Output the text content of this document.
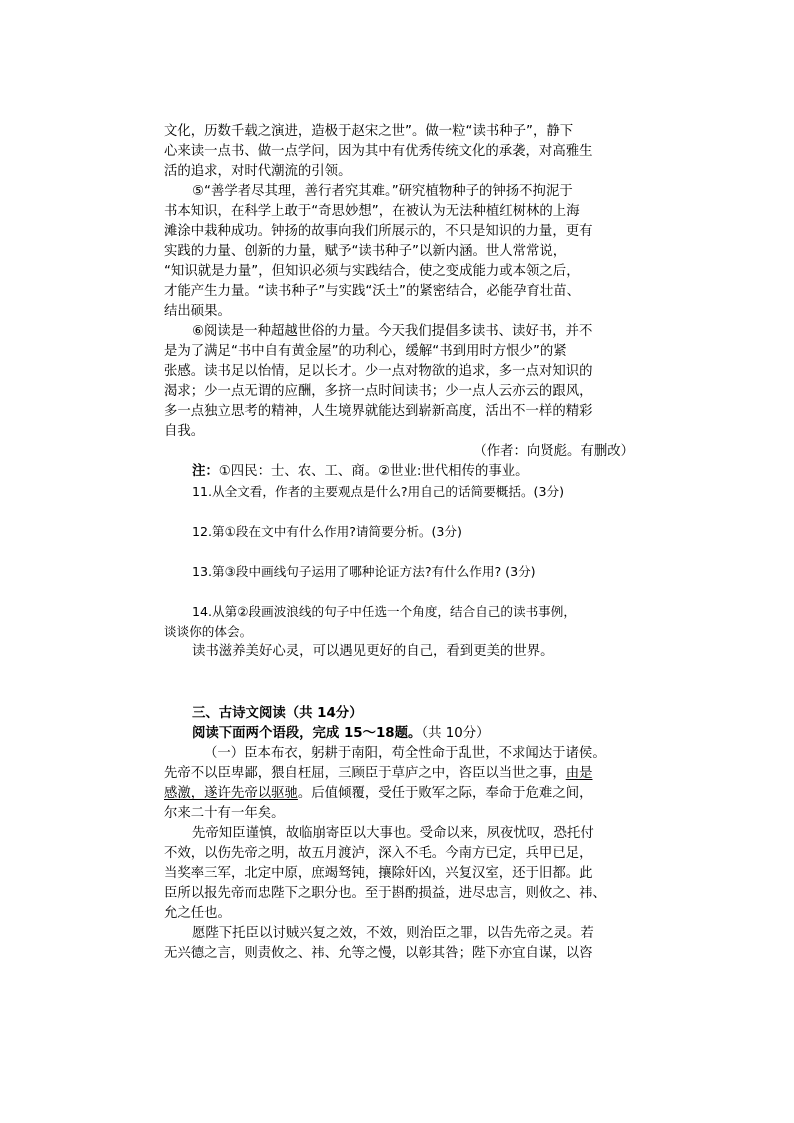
文化，历数千载之演进，造极于赵宋之世”。做一粒“读书种子”，静下
心来读一点书、做一点学问，因为其中有优秀传统文化的承袭，对高雅生
活的追求，对时代潮流的引领。
⑤“善学者尽其理，善行者究其难。”研究植物种子的钟扬不拘泥于
书本知识，在科学上敢于“奇思妙想”，在被认为无法种植红树林的上海
滩涂中栽种成功。钟扬的故事向我们所展示的，不只是知识的力量，更有
实践的力量、创新的力量，赋予“读书种子”以新内涵。世人常常说，
“知识就是力量”，但知识必须与实践结合，使之变成能力或本领之后，
才能产生力量。“读书种子”与实践“沃土”的紧密结合，必能孕育壮苗、
结出硕果。
⑥阅读是一种超越世俗的力量。今天我们提倡多读书、读好书，并不
是为了满足“书中自有黄金屋”的功利心，缓解“书到用时方恨少”的紧
张感。读书足以怡情，足以长才。少一点对物欲的追求，多一点对知识的
渴求；少一点无谓的应酬，多挤一点时间读书；少一点人云亦云的跟风，
多一点独立思考的精神，人生境界就能达到崭新高度，活出不一样的精彩
自我。
（作者：向贤彪。有删改）
注：①四民：士、农、工、商。②世业:世代相传的事业。
11.从全文看，作者的主要观点是什么?用自己的话简要概括。(3分)
12.第①段在文中有什么作用?请简要分析。(3分)
13.第③段中画线句子运用了哪种论证方法?有什么作用? (3分)
14.从第②段画波浪线的句子中任选一个角度，结合自己的读书事例，
谈谈你的体会。
读书滋养美好心灵，可以遇见更好的自己，看到更美的世界。
三、古诗文阅读（共 14分）
阅读下面两个语段，完成 15～18题。（共 10分）
（一）臣本布衣，躬耕于南阳，苟全性命于乱世，不求闻达于诸侯。
先帝不以臣卑鄙，猥自枉屈，三顾臣于草庐之中，咨臣以当世之事，由是
感激，遂许先帝以驱驰。后值倾覆，受任于败军之际，奉命于危难之间，
尔来二十有一年矣。
先帝知臣谨慎，故临崩寄臣以大事也。受命以来，夙夜忧叹，恐托付
不效，以伤先帝之明，故五月渡泸，深入不毛。今南方已定，兵甲已足，
当奖率三军，北定中原，庶竭驽钝，攘除奸凶，兴复汉室，还于旧都。此
臣所以报先帝而忠陛下之职分也。至于斟酌损益，进尽忠言，则攸之、祎、
允之任也。
愿陛下托臣以讨贼兴复之效，不效，则治臣之罪，以告先帝之灵。若
无兴德之言，则责攸之、祎、允等之慢，以彰其咎；陛下亦宜自谋，以咨
